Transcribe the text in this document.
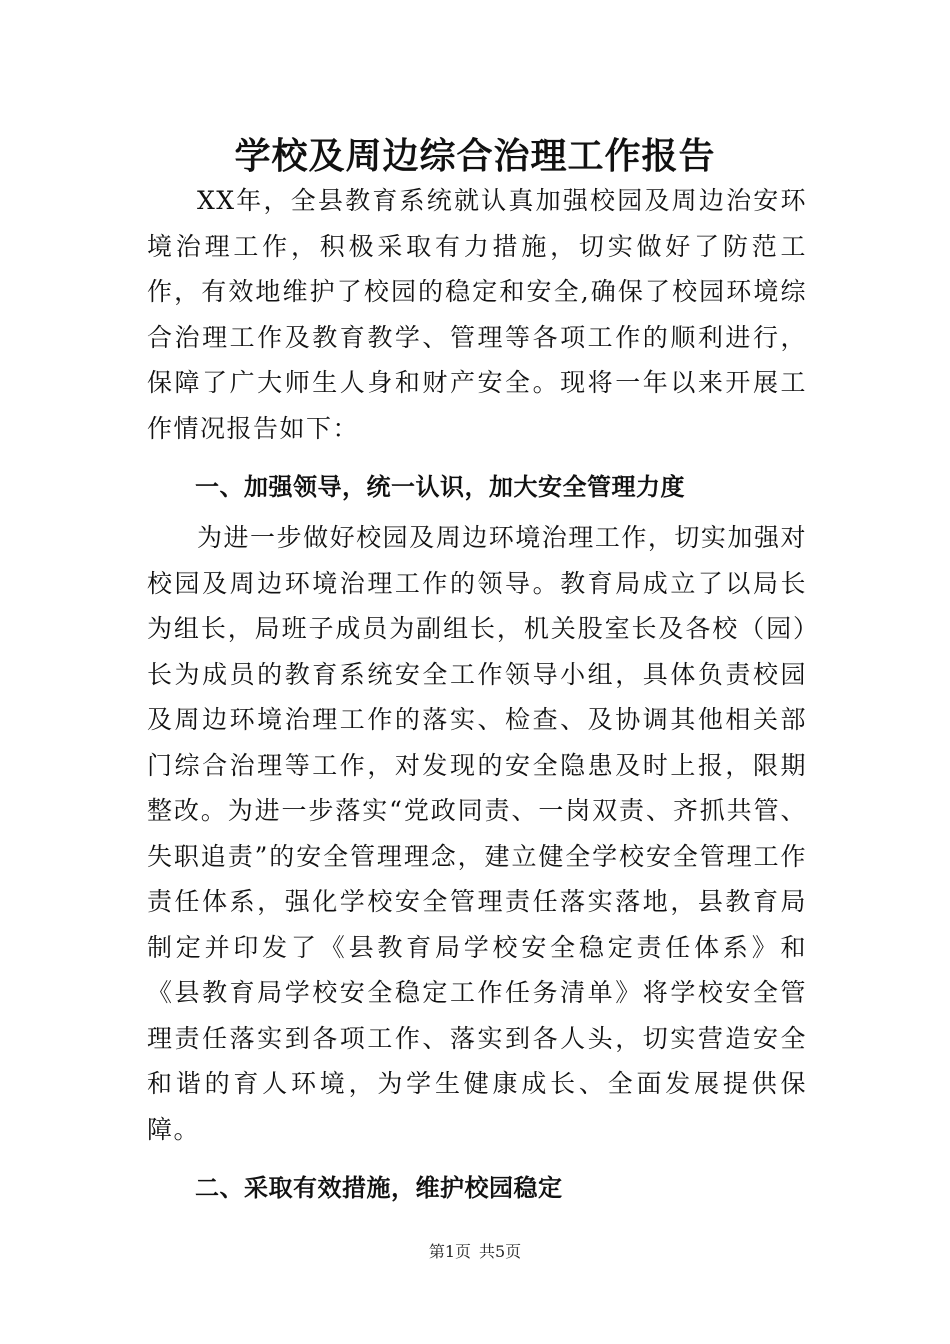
学校及周边综合治理工作报告

XX年，全县教育系统就认真加强校园及周边治安环境治理工作，积极采取有力措施，切实做好了防范工作，有效地维护了校园的稳定和安全,确保了校园环境综合治理工作及教育教学、管理等各项工作的顺利进行，保障了广大师生人身和财产安全。现将一年以来开展工作情况报告如下：

一、加强领导，统一认识，加大安全管理力度

为进一步做好校园及周边环境治理工作，切实加强对校园及周边环境治理工作的领导。教育局成立了以局长为组长，局班子成员为副组长，机关股室长及各校（园）长为成员的教育系统安全工作领导小组，具体负责校园及周边环境治理工作的落实、检查、及协调其他相关部门综合治理等工作，对发现的安全隐患及时上报，限期整改。为进一步落实“党政同责、一岗双责、齐抓共管、失职追责”的安全管理理念，建立健全学校安全管理工作责任体系，强化学校安全管理责任落实落地，县教育局制定并印发了《县教育局学校安全稳定责任体系》和《县教育局学校安全稳定工作任务清单》将学校安全管理责任落实到各项工作、落实到各人头，切实营造安全和谐的育人环境，为学生健康成长、全面发展提供保障。

二、采取有效措施，维护校园稳定
第1页 共5页
